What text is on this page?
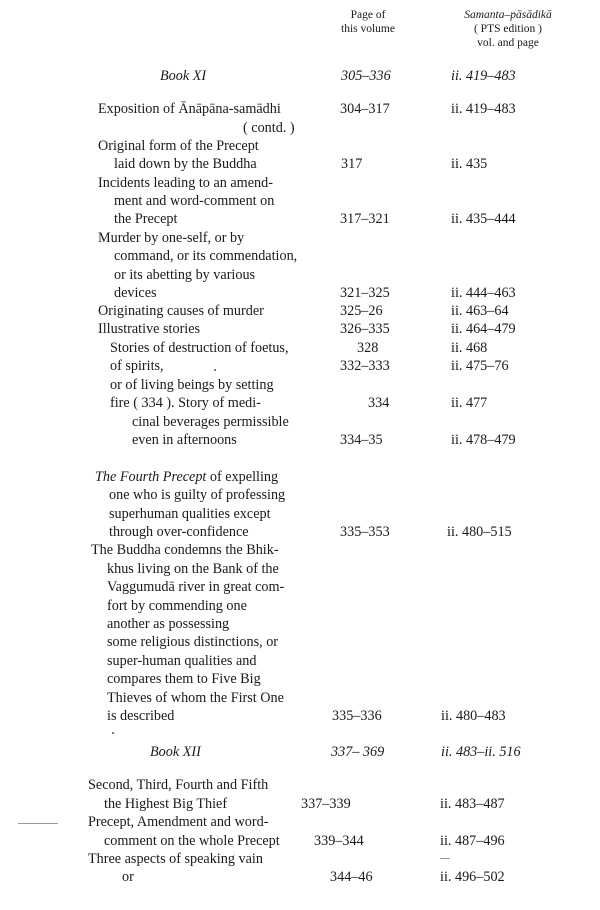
Page of
this volume
Samanta–pāsādikā
( PTS edition )
vol. and page
Book XI	305–336	ii. 419–483
Exposition of Ānāpāna-samādhi
( contd. )
304–317	ii. 419–483
Original form of the Precept
laid down by the Buddha	317	ii. 435
Incidents leading to an amend-
ment and word-comment on
the Precept	317–321	ii. 435–444
Murder by one-self, or by
command, or its commendation,
or its abetting by various
devices	321–325	ii. 444–463
Originating causes of murder	325–26	ii. 463–64
Illustrative stories	326–335	ii. 464–479
Stories of destruction of foetus,	328	ii. 468
of spirits,	332–333	ii. 475–76
or of living beings by setting
fire ( 334 ). Story of medi-	334	ii. 477
cinal beverages permissible
even in afternoons	334–35	ii. 478–479
The Fourth Precept of expelling
one who is guilty of professing
superhuman qualities except
through over-confidence	335–353	ii. 480–515
The Buddha condemns the Bhik-
khus living on the Bank of the
Vaggumudā river in great com-
fort by commending one
another as possessing
some religious distinctions, or
super-human qualities and
compares them to Five Big
Thieves of whom the First One
is described	335–336	ii. 480–483
Book XII	337– 369	ii. 483–ii. 516
Second, Third, Fourth and Fifth
the Highest Big Thief	337–339	ii. 483–487
Precept, Amendment and word-
comment on the whole Precept 339–344	ii. 487–496
Three aspects of speaking vain
or	344–46	ii. 496–502
